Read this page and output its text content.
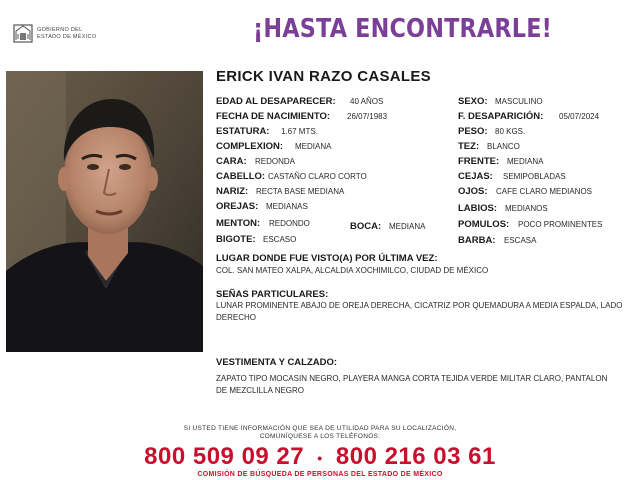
GOBIERNO DEL
ESTADO DE MÉXICO	¡HASTA ENCONTRARLE!
ERICK IVAN RAZO CASALES
EDAD AL DESAPARECER: 40 AÑOS
FECHA DE NACIMIENTO: 26/07/1983
ESTATURA: 1.67 MTS.
COMPLEXION: MEDIANA
CARA: REDONDA
CABELLO: CASTAÑO CLARO CORTO
NARIZ: RECTA BASE MEDIANA
OREJAS: MEDIANAS
MENTON: REDONDO	BOCA: MEDIANA
BIGOTE: ESCASO
SEXO: MASCULINO
F. DESAPARICIÓN: 05/07/2024
PESO: 80 KGS.
TEZ: BLANCO
FRENTE: MEDIANA
CEJAS: SEMIPOBLADAS
OJOS: CAFE CLARO MEDIANOS
LABIOS: MEDIANOS
POMULOS: POCO PROMINENTES
BARBA: ESCASA
LUGAR DONDE FUE VISTO(A) POR ÚLTIMA VEZ:
COL. SAN MATEO XALPA, ALCALDIA XOCHIMILCO, CIUDAD DE MÉXICO
SEÑAS PARTICULARES:
LUNAR PROMINENTE ABAJO DE OREJA DERECHA, CICATRIZ POR QUEMADURA A MEDIA ESPALDA, LADO DERECHO
VESTIMENTA Y CALZADO:
ZAPATO TIPO MOCASIN NEGRO, PLAYERA MANGA CORTA TEJIDA VERDE MILITAR CLARO, PANTALON DE MEZCLILLA NEGRO
SI USTED TIENE INFORMACIÓN QUE SEA DE UTILIDAD PARA SU LOCALIZACIÓN,
COMUNÍQUESE A LOS TELÉFONOS:
800 509 09 27 • 800 216 03 61
COMISIÓN DE BÚSQUEDA DE PERSONAS DEL ESTADO DE MÉXICO
